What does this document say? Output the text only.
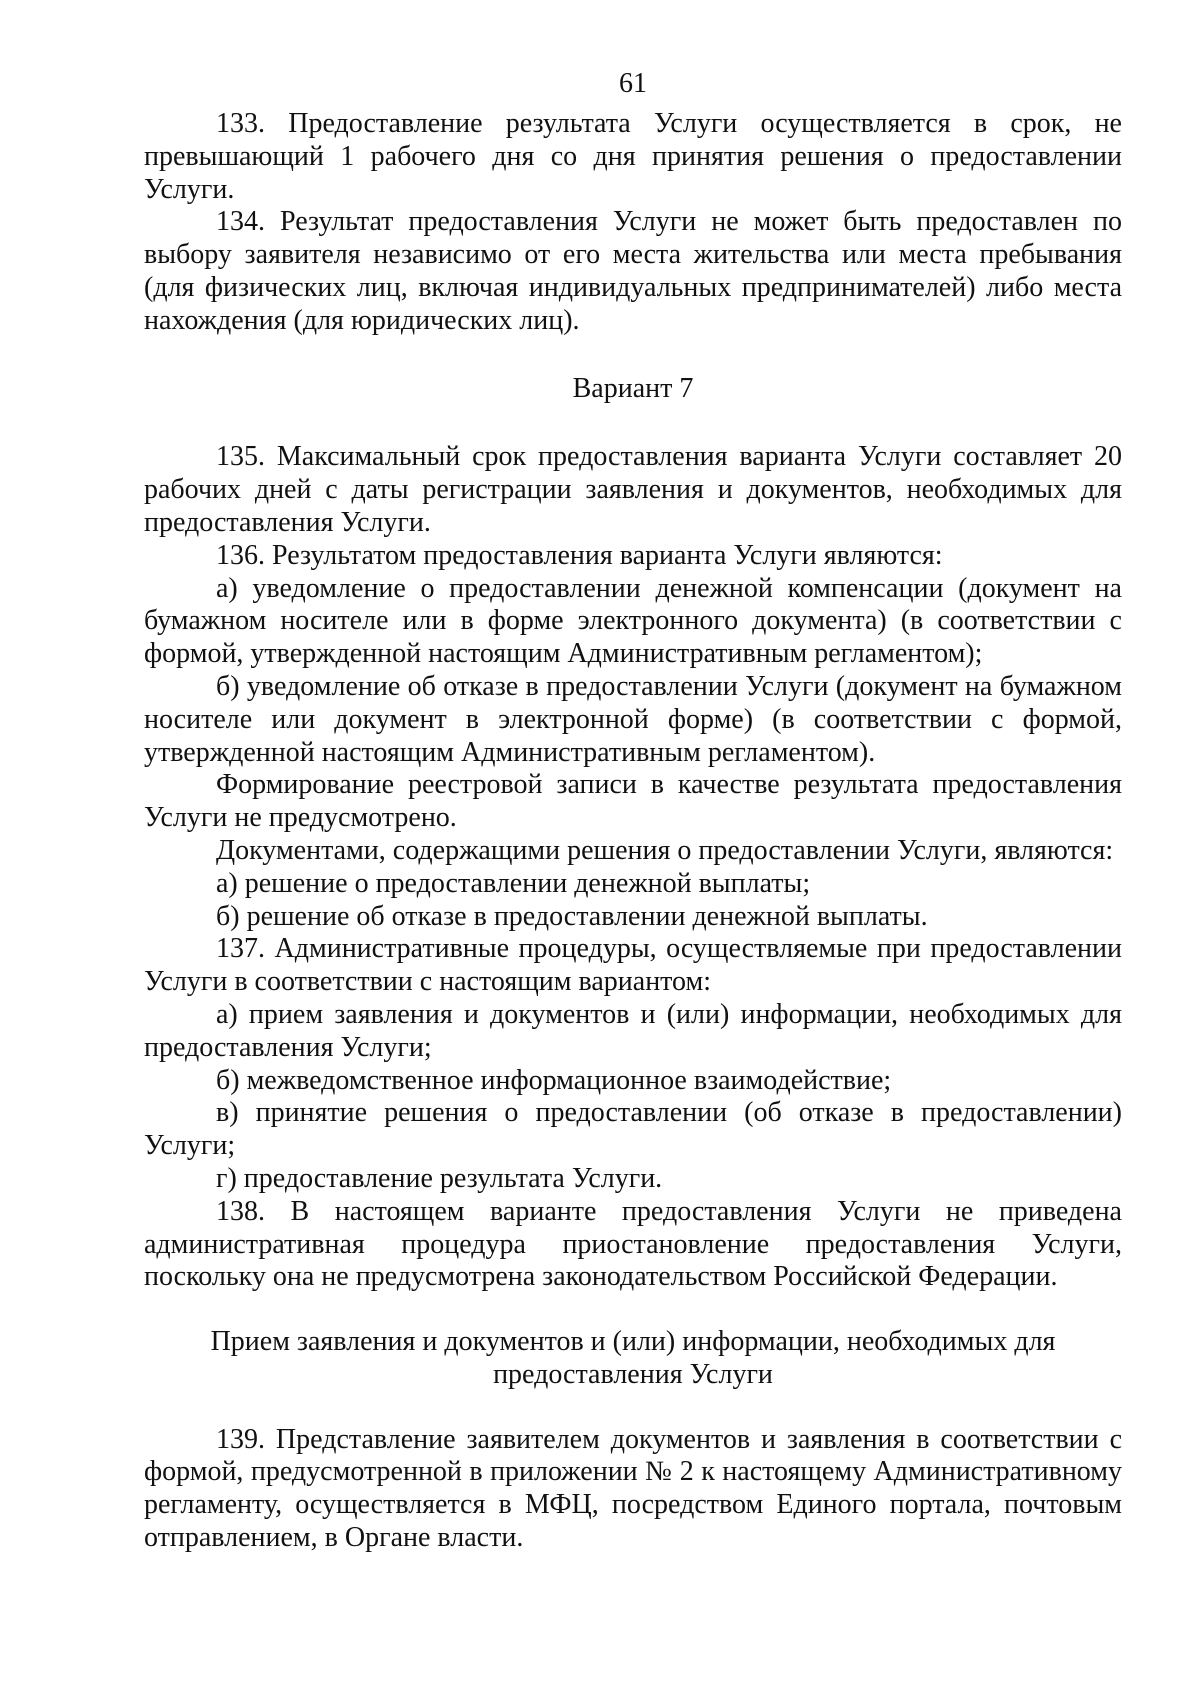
61

133. Предоставление результата Услуги осуществляется в срок, не превышающий 1 рабочего дня со дня принятия решения о предоставлении Услуги.

134. Результат предоставления Услуги не может быть предоставлен по выбору заявителя независимо от его места жительства или места пребывания (для физических лиц, включая индивидуальных предпринимателей) либо места нахождения (для юридических лиц).

Вариант 7

135. Максимальный срок предоставления варианта Услуги составляет 20 рабочих дней с даты регистрации заявления и документов, необходимых для предоставления Услуги.

136. Результатом предоставления варианта Услуги являются:

а) уведомление о предоставлении денежной компенсации (документ на бумажном носителе или в форме электронного документа) (в соответствии с формой, утвержденной настоящим Административным регламентом);

б) уведомление об отказе в предоставлении Услуги (документ на бумажном носителе или документ в электронной форме) (в соответствии с формой, утвержденной настоящим Административным регламентом).

Формирование реестровой записи в качестве результата предоставления Услуги не предусмотрено.

Документами, содержащими решения о предоставлении Услуги, являются:

а) решение о предоставлении денежной выплаты;

б) решение об отказе в предоставлении денежной выплаты.

137. Административные процедуры, осуществляемые при предоставлении Услуги в соответствии с настоящим вариантом:

а) прием заявления и документов и (или) информации, необходимых для предоставления Услуги;

б) межведомственное информационное взаимодействие;

в) принятие решения о предоставлении (об отказе в предоставлении) Услуги;

г) предоставление результата Услуги.

138. В настоящем варианте предоставления Услуги не приведена административная процедура приостановление предоставления Услуги, поскольку она не предусмотрена законодательством Российской Федерации.

Прием заявления и документов и (или) информации, необходимых для
предоставления Услуги

139. Представление заявителем документов и заявления в соответствии с формой, предусмотренной в приложении № 2 к настоящему Административному регламенту, осуществляется в МФЦ, посредством Единого портала, почтовым отправлением, в Органе власти.
